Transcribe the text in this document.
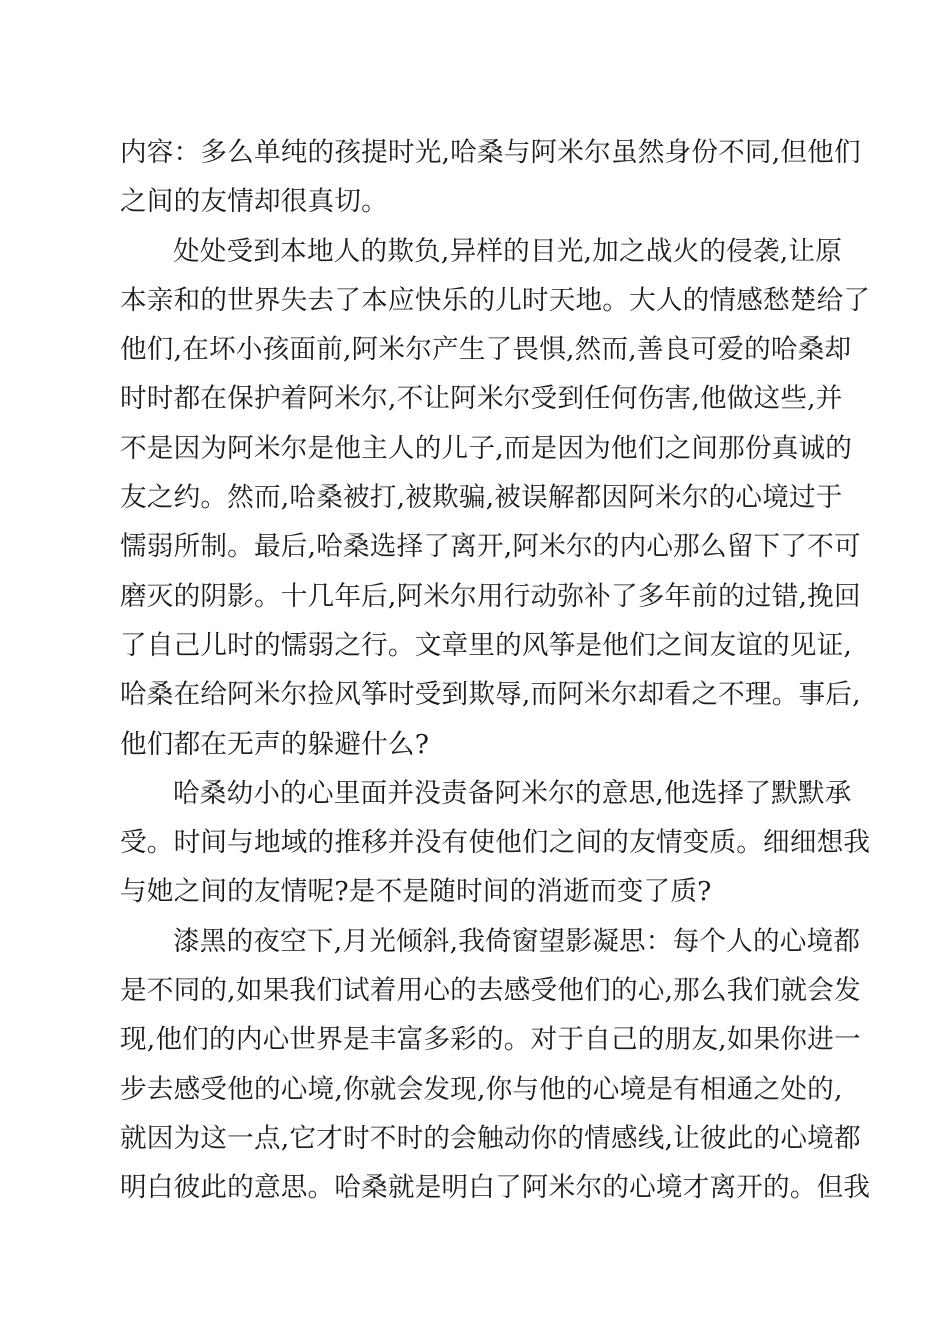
内容：多么单纯的孩提时光,哈桑与阿米尔虽然身份不同,但他们
之间的友情却很真切。
处处受到本地人的欺负,异样的目光,加之战火的侵袭,让原
本亲和的世界失去了本应快乐的儿时天地。大人的情感愁楚给了
他们,在坏小孩面前,阿米尔产生了畏惧,然而,善良可爱的哈桑却
时时都在保护着阿米尔,不让阿米尔受到任何伤害,他做这些,并
不是因为阿米尔是他主人的儿子,而是因为他们之间那份真诚的
友之约。然而,哈桑被打,被欺骗,被误解都因阿米尔的心境过于
懦弱所制。最后,哈桑选择了离开,阿米尔的内心那么留下了不可
磨灭的阴影。十几年后,阿米尔用行动弥补了多年前的过错,挽回
了自己儿时的懦弱之行。文章里的风筝是他们之间友谊的见证,
哈桑在给阿米尔捡风筝时受到欺辱,而阿米尔却看之不理。事后,
他们都在无声的躲避什么?
哈桑幼小的心里面并没责备阿米尔的意思,他选择了默默承
受。时间与地域的推移并没有使他们之间的友情变质。细细想我
与她之间的友情呢?是不是随时间的消逝而变了质?
漆黑的夜空下,月光倾斜,我倚窗望影凝思：每个人的心境都
是不同的,如果我们试着用心的去感受他们的心,那么我们就会发
现,他们的内心世界是丰富多彩的。对于自己的朋友,如果你进一
步去感受他的心境,你就会发现,你与他的心境是有相通之处的,
就因为这一点,它才时不时的会触动你的情感线,让彼此的心境都
明白彼此的意思。哈桑就是明白了阿米尔的心境才离开的。但我
